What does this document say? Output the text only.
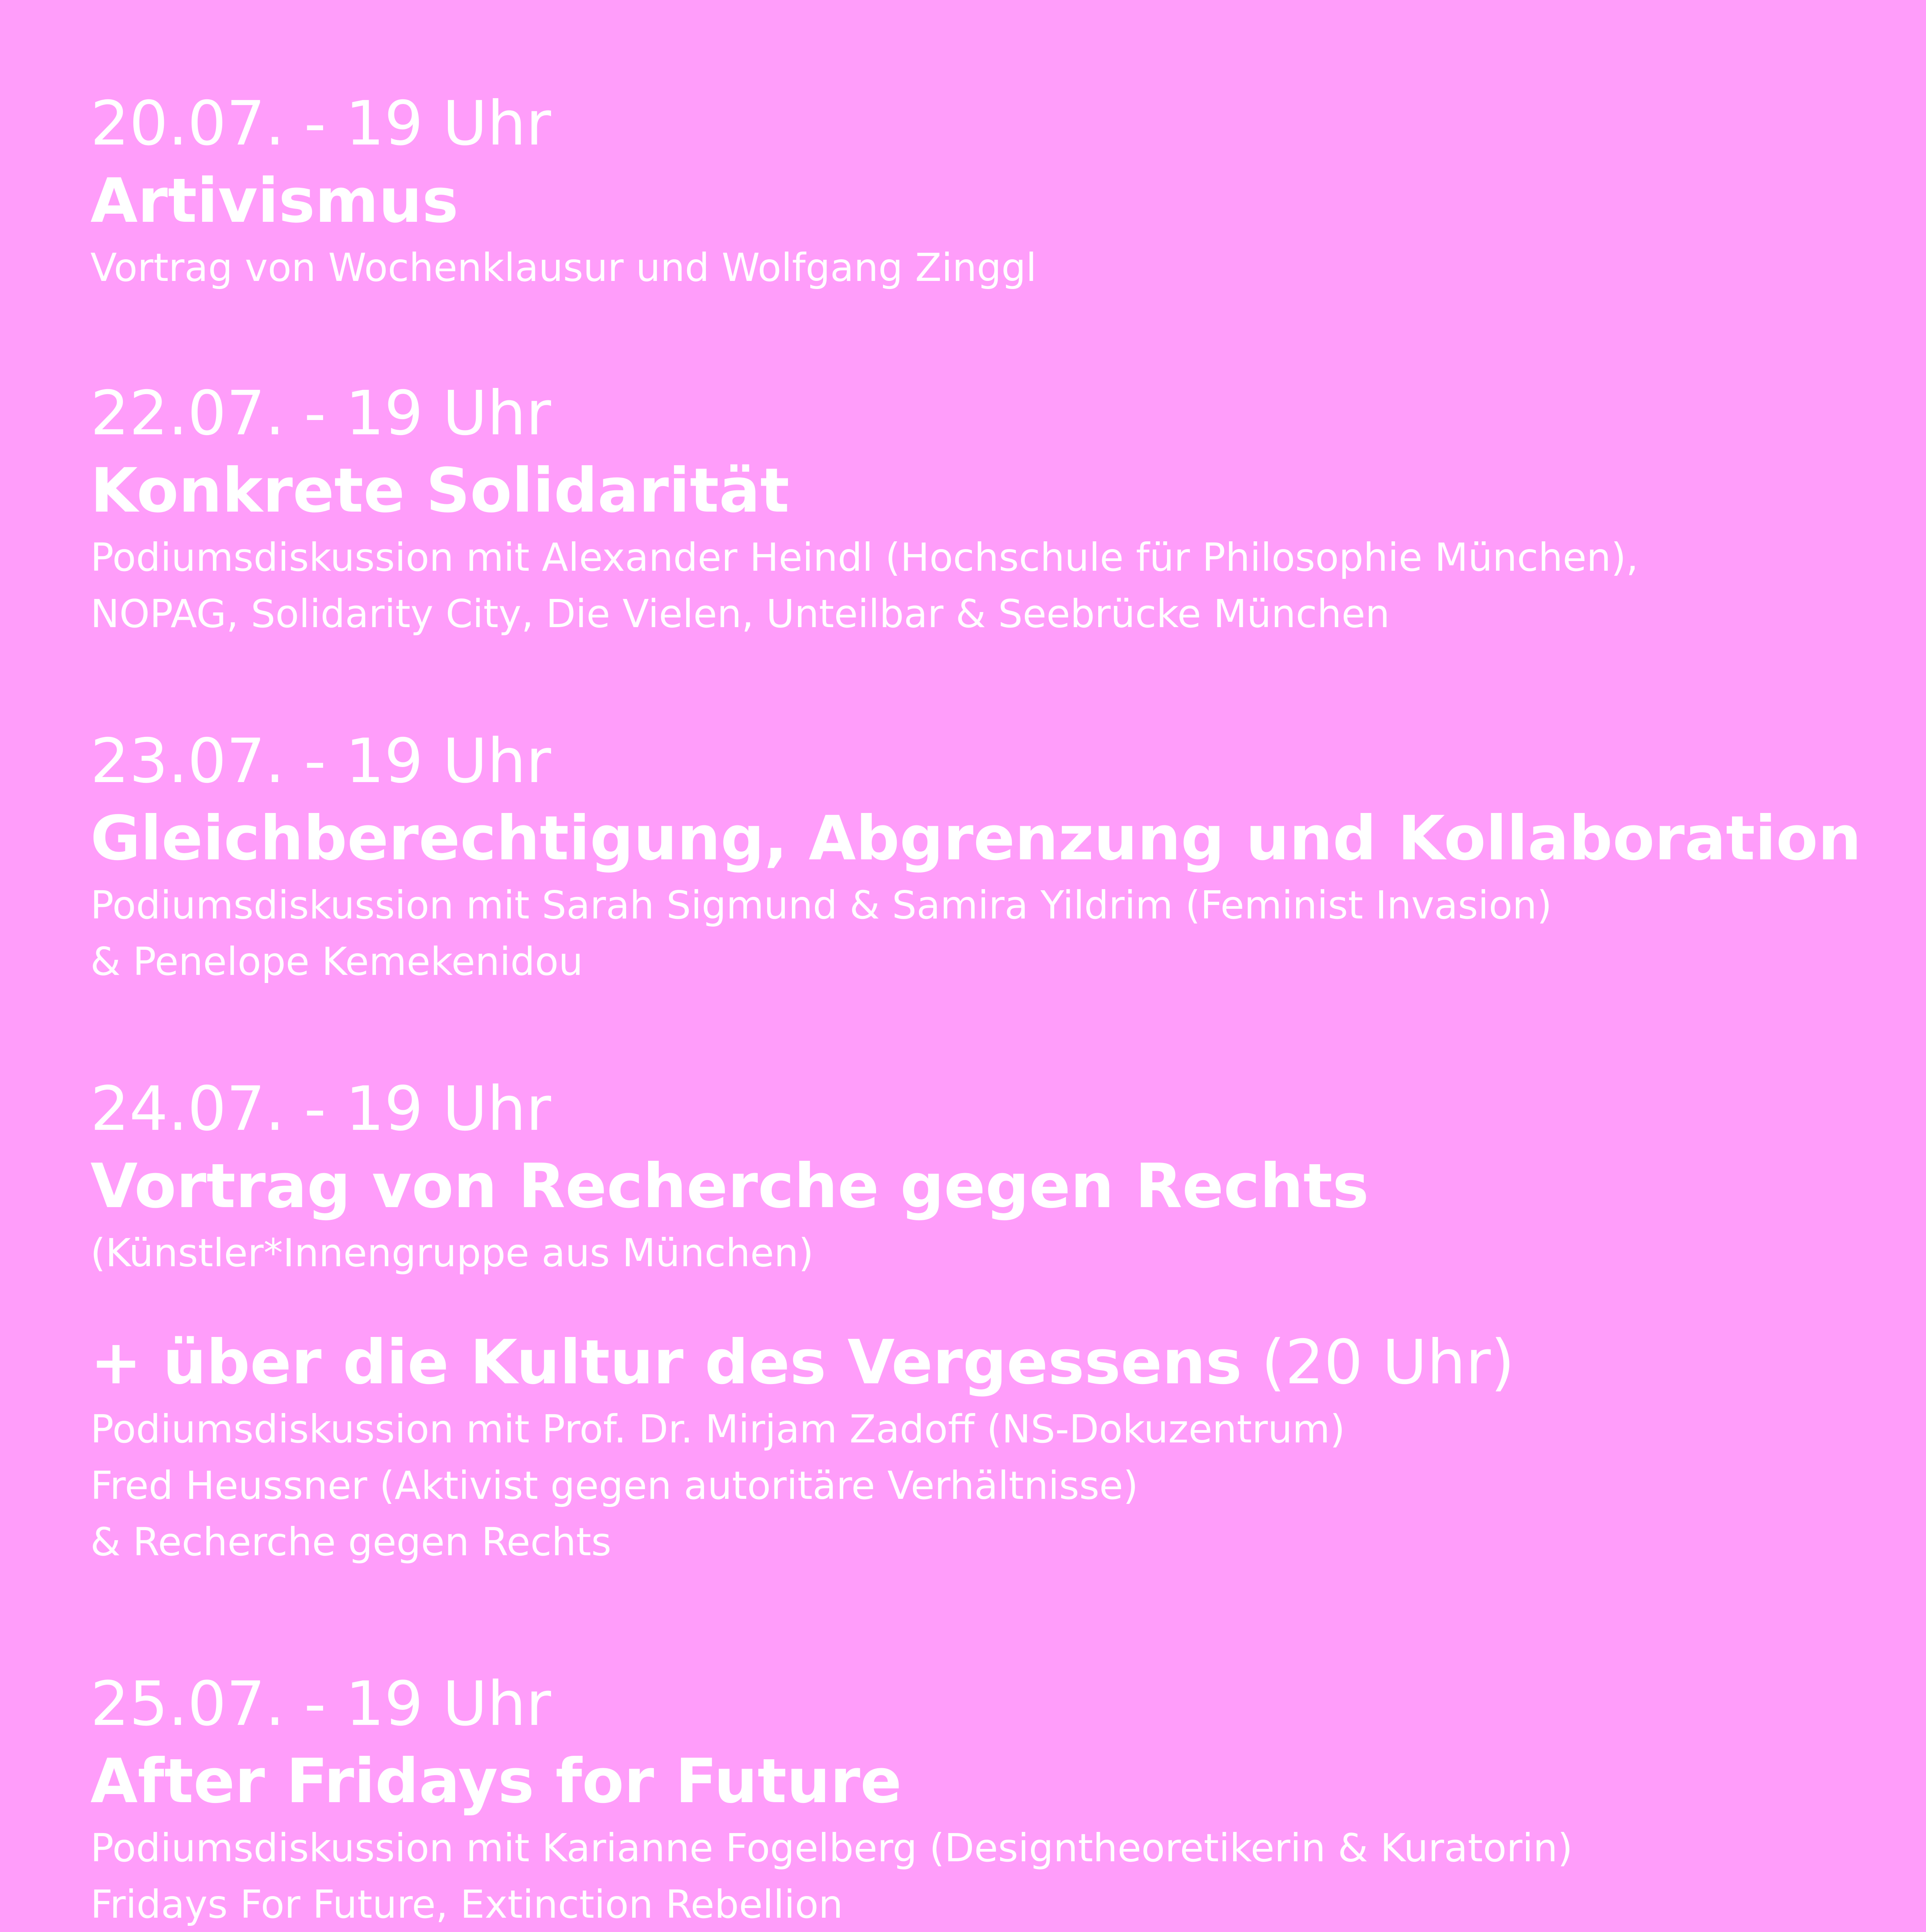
20.07. - 19 Uhr
Artivismus
Vortrag von Wochenklausur und Wolfgang Zinggl
22.07. - 19 Uhr
Konkrete Solidarität
Podiumsdiskussion mit Alexander Heindl (Hochschule für Philosophie München),
NOPAG, Solidarity City, Die Vielen, Unteilbar & Seebrücke München
23.07. - 19 Uhr
Gleichberechtigung, Abgrenzung und Kollaboration
Podiumsdiskussion mit Sarah Sigmund & Samira Yildrim (Feminist Invasion)
& Penelope Kemekenidou
24.07. - 19 Uhr
Vortrag von Recherche gegen Rechts
(Künstler*Innengruppe aus München)
+ über die Kultur des Vergessens (20 Uhr)
Podiumsdiskussion mit Prof. Dr. Mirjam Zadoff (NS-Dokuzentrum)
Fred Heussner (Aktivist gegen autoritäre Verhältnisse)
& Recherche gegen Rechts
25.07. - 19 Uhr
After Fridays for Future
Podiumsdiskussion mit Karianne Fogelberg (Designtheoretikerin & Kuratorin)
Fridays For Future, Extinction Rebellion
